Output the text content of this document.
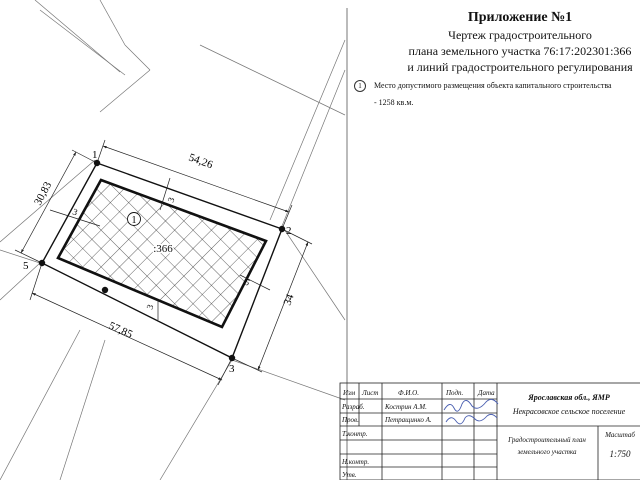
1
2
3
5
54,26
30,83
57,85
34
3
3
3
5
1
:366
Изм Лист	Ф.И.О.	Подп. Дата
Разраб.	Кострин А.М.
Пров.	Петращинко А.
Т.контр.
Н.контр.
Утв.
Ярославская обл., ЯМР
Некрасовское сельское поселение
Градостроительный план
земельного участка
Масштаб
1:750
Приложение №1
Чертеж градостроительного
плана земельного участка 76:17:202301:366
и линий градостроительного регулирования
1 Место допустимого размещения объекта капитального строительства
- 1258 кв.м.
